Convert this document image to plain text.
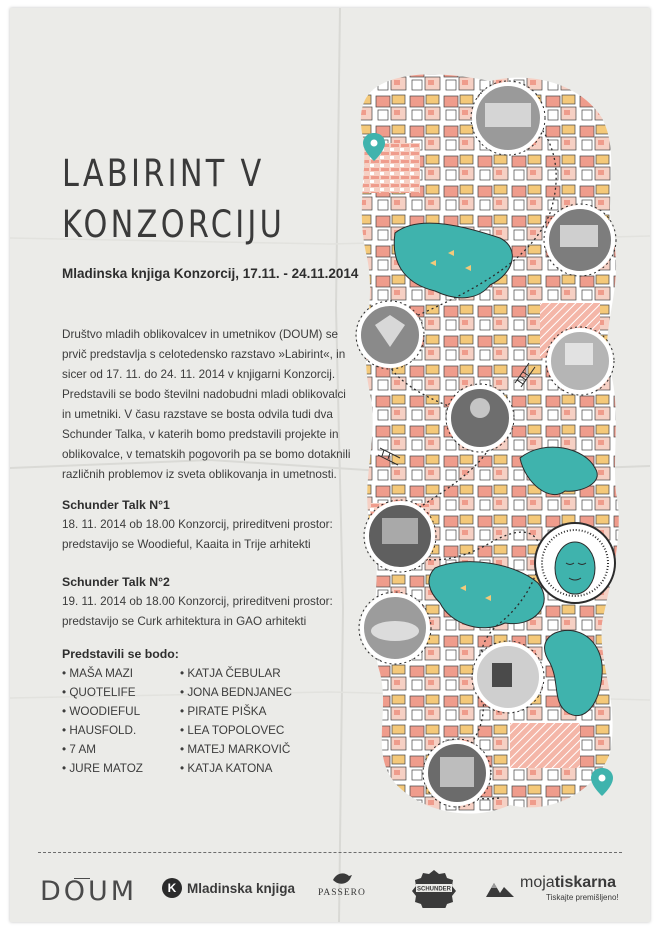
LABIRINT V
KONZORCIJU
Mladinska knjiga Konzorcij, 17.11. - 24.11.2014
Društvo mladih oblikovalcev in umetnikov (DOUM) se
prvič predstavlja s celotedensko razstavo »Labirint«, in
sicer od 17. 11. do 24. 11. 2014 v knjigarni Konzorcij.
Predstavili se bodo številni nadobudni mladi oblikovalci
in umetniki. V času razstave se bosta odvila tudi dva
Schunder Talka, v katerih bomo predstavili projekte in
oblikovalce, v tematskih pogovorih pa se bomo dotaknili
različnih problemov iz sveta oblikovanja in umetnosti.
Schunder Talk N°1
18. 11. 2014 ob 18.00 Konzorcij, prireditveni prostor:
predstavijo se Woodieful, Kaaita in Trije arhitekti
Schunder Talk N°2
19. 11. 2014 ob 18.00 Konzorcij, prireditveni prostor:
predstavijo se Curk arhitektura in GAO arhitekti
Predstavili se bodo:
• MAŠA MAZI
• QUOTELIFE
• WOODIEFUL
• HAUSFOLD.
• 7 AM
• JURE MATOZ
• KATJA ČEBULAR
• JONA BEDNJANEC
• PIRATE PIŠKA
• LEA TOPOLOVEC
• MATEJ MARKOVIČ
• KATJA KATONA
DOUM	K Mladinska knjiga PASSERO	SCHUNDER	mojatiskarna
Tiskajte premišljeno!
